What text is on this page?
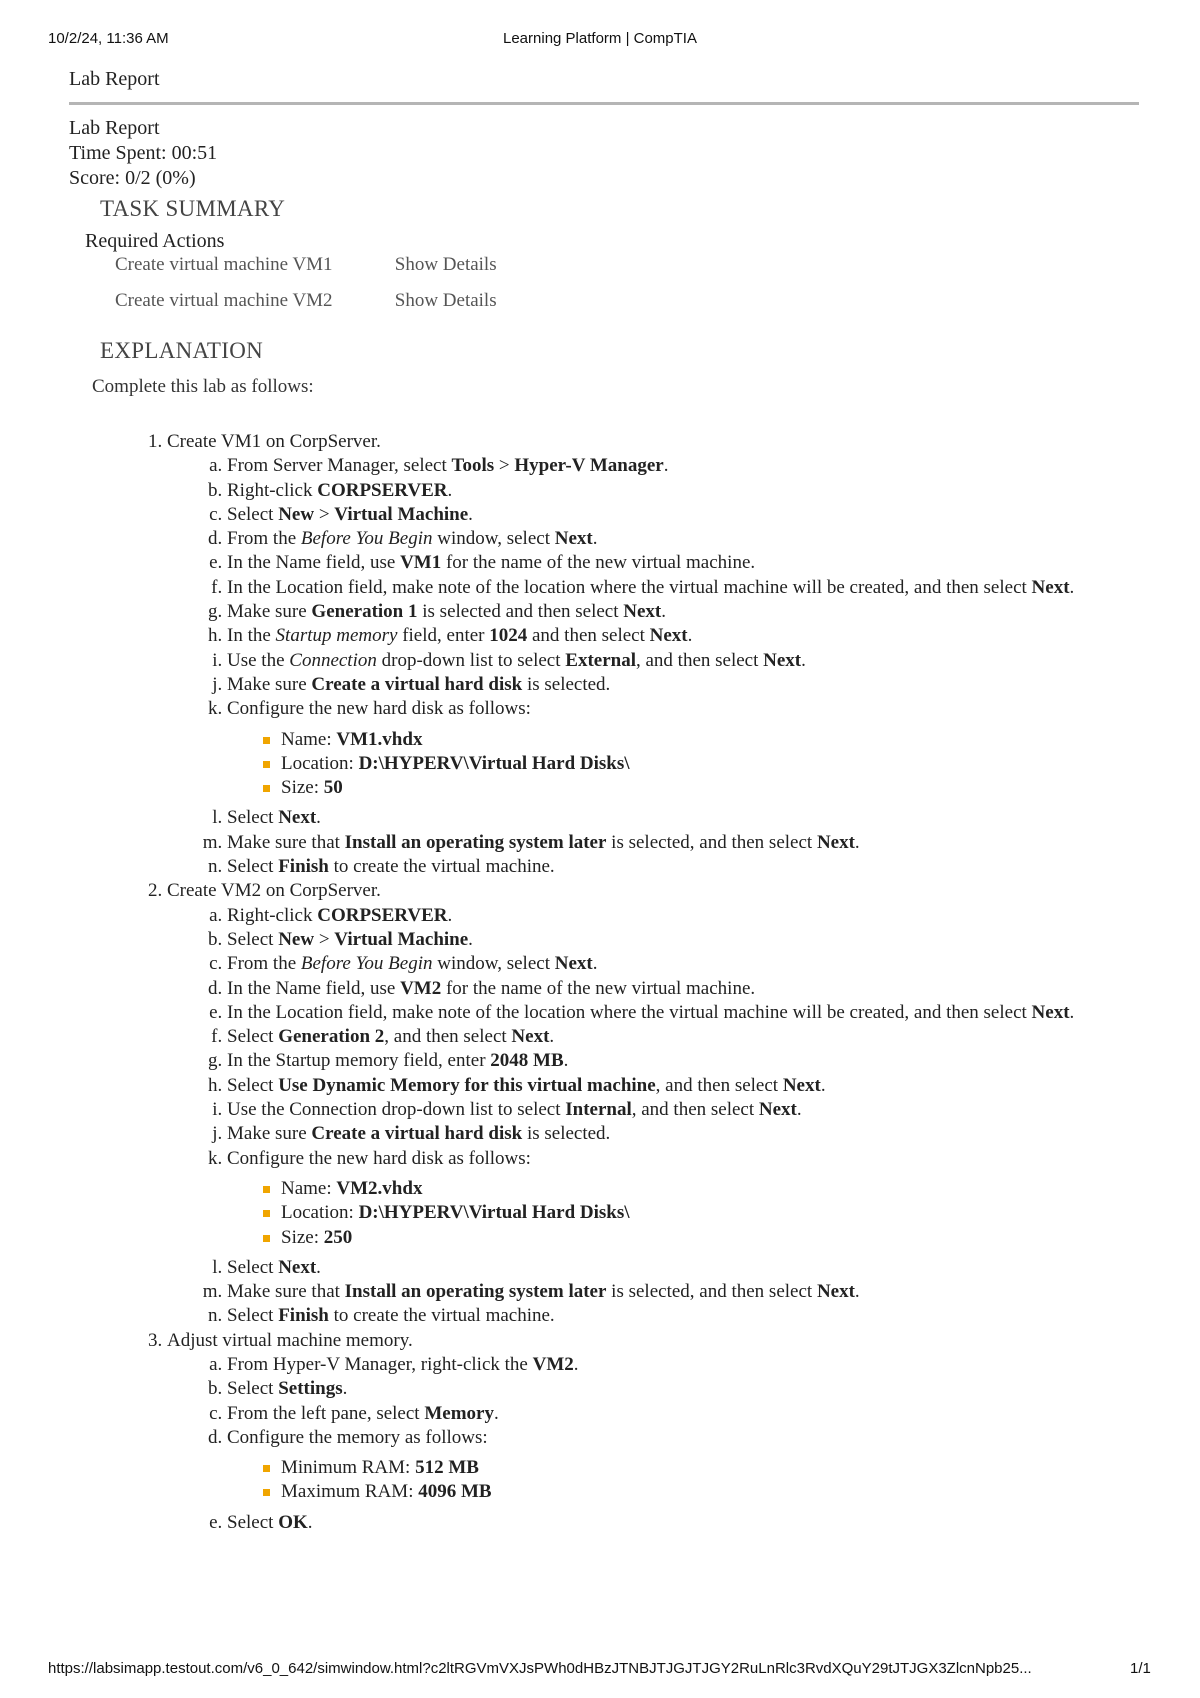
10/2/24, 11:36 AM	Learning Platform | CompTIA
Lab Report
Lab Report
Time Spent: 00:51
Score: 0/2 (0%)
TASK SUMMARY
Required Actions
Create virtual machine VM1	Show Details
Create virtual machine VM2	Show Details
EXPLANATION
Complete this lab as follows:
1. Create VM1 on CorpServer.
a. From Server Manager, select Tools > Hyper-V Manager.
b. Right-click CORPSERVER.
c. Select New > Virtual Machine.
d. From the Before You Begin window, select Next.
e. In the Name field, use VM1 for the name of the new virtual machine.
f. In the Location field, make note of the location where the virtual machine will be created, and then select Next.
g. Make sure Generation 1 is selected and then select Next.
h. In the Startup memory field, enter 1024 and then select Next.
i. Use the Connection drop-down list to select External, and then select Next.
j. Make sure Create a virtual hard disk is selected.
k. Configure the new hard disk as follows:
Name: VM1.vhdx
Location: D:\HYPERV\Virtual Hard Disks\
Size: 50
l. Select Next.
m. Make sure that Install an operating system later is selected, and then select Next.
n. Select Finish to create the virtual machine.
2. Create VM2 on CorpServer.
a. Right-click CORPSERVER.
b. Select New > Virtual Machine.
c. From the Before You Begin window, select Next.
d. In the Name field, use VM2 for the name of the new virtual machine.
e. In the Location field, make note of the location where the virtual machine will be created, and then select Next.
f. Select Generation 2, and then select Next.
g. In the Startup memory field, enter 2048 MB.
h. Select Use Dynamic Memory for this virtual machine, and then select Next.
i. Use the Connection drop-down list to select Internal, and then select Next.
j. Make sure Create a virtual hard disk is selected.
k. Configure the new hard disk as follows:
Name: VM2.vhdx
Location: D:\HYPERV\Virtual Hard Disks\
Size: 250
l. Select Next.
m. Make sure that Install an operating system later is selected, and then select Next.
n. Select Finish to create the virtual machine.
3. Adjust virtual machine memory.
a. From Hyper-V Manager, right-click the VM2.
b. Select Settings.
c. From the left pane, select Memory.
d. Configure the memory as follows:
Minimum RAM: 512 MB
Maximum RAM: 4096 MB
e. Select OK.
https://labsimapp.testout.com/v6_0_642/simwindow.html?c2ltRGVmVXJsPWh0dHBzJTNBJTJGJTJGY2RuLnRlc3RvdXQuY29tJTJGX3ZlcnNpb25...	1/1
